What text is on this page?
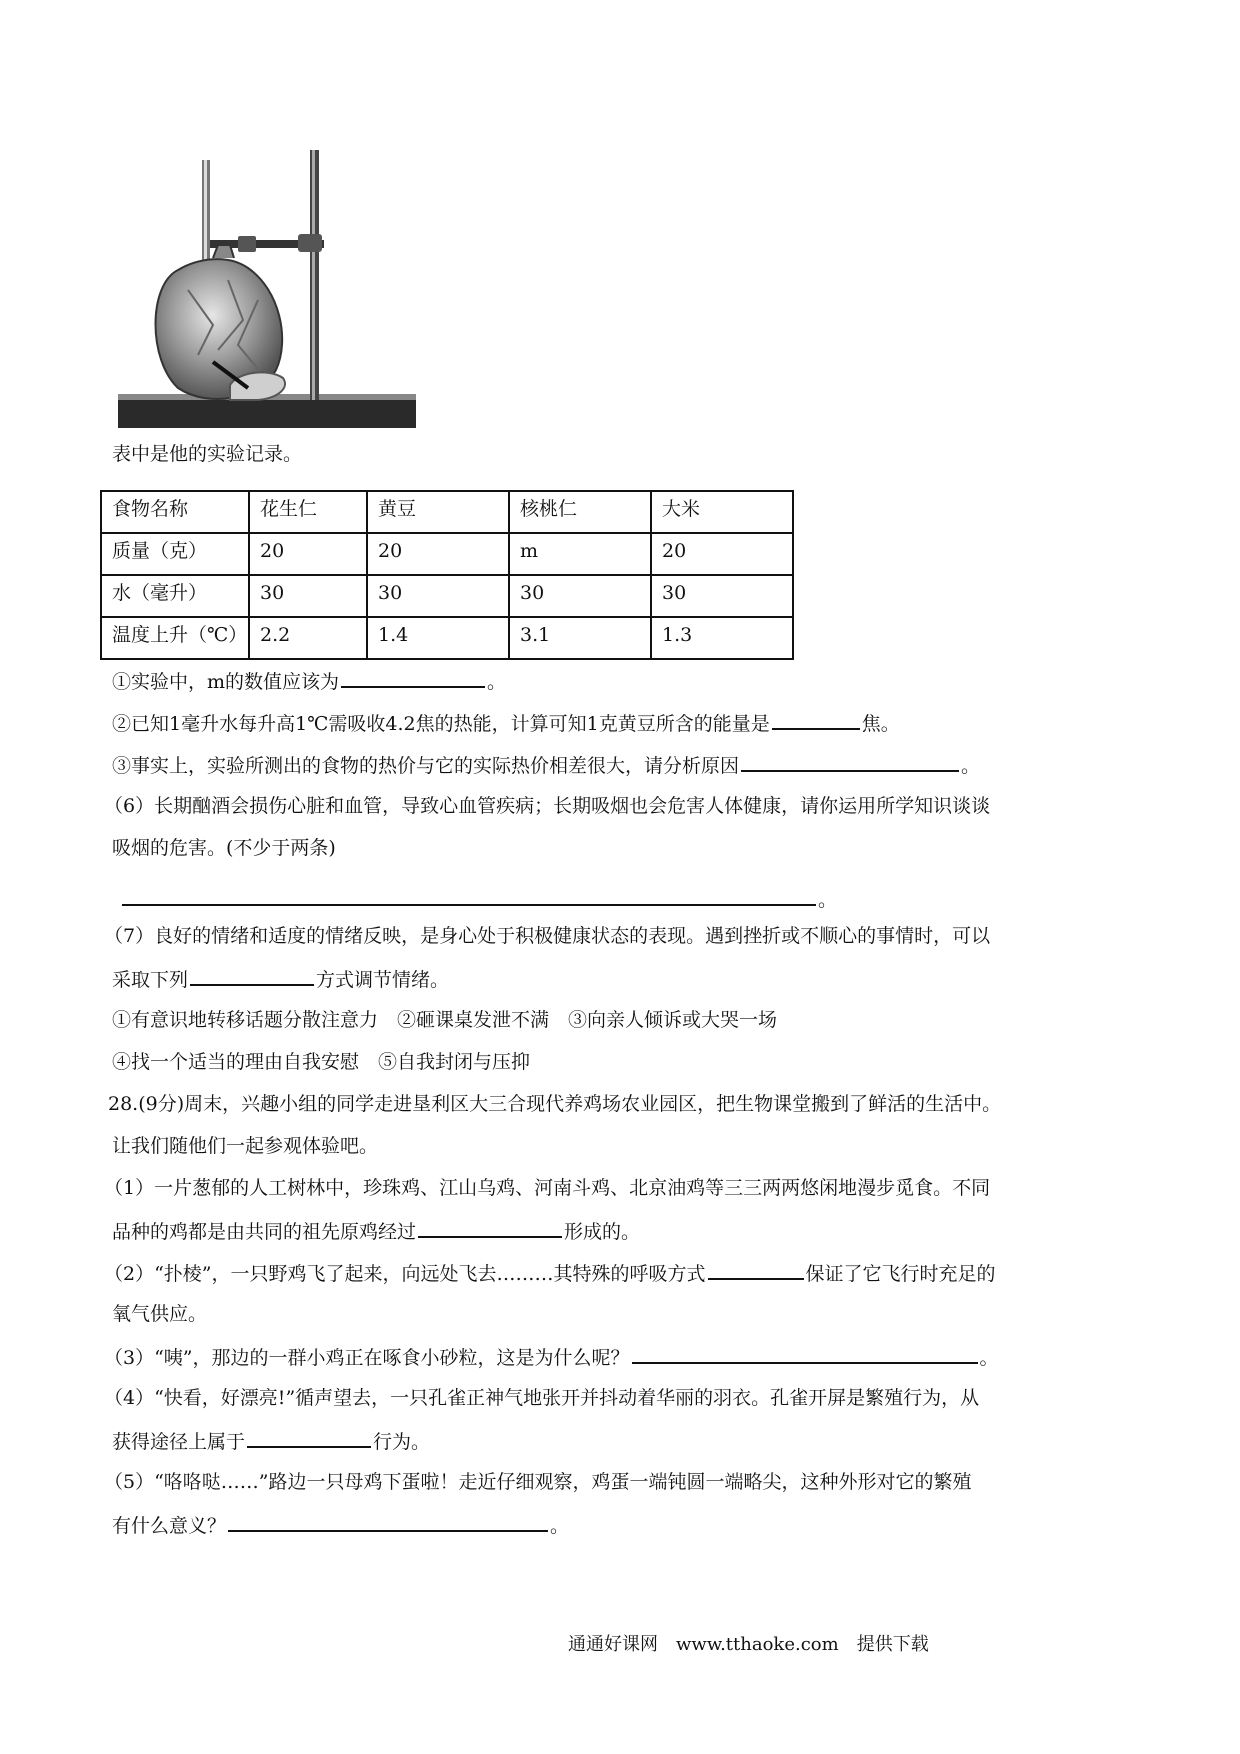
表中是他的实验记录。
食物名称	花生仁	黄豆	核桃仁	大米
质量（克）	20	20	m	20
水（毫升）	30	30	30	30
温度上升（℃）	2.2	1.4	3.1	1.3
①实验中，m的数值应该为	。
②已知1毫升水每升高1℃需吸收4.2焦的热能，计算可知1克黄豆所含的能量是	焦。
③事实上，实验所测出的食物的热价与它的实际热价相差很大，请分析原因	。
（6）长期酗酒会损伤心脏和血管，导致心血管疾病；长期吸烟也会危害人体健康，请你运用所学知识谈谈
吸烟的危害。(不少于两条)
。
（7）良好的情绪和适度的情绪反映，是身心处于积极健康状态的表现。遇到挫折或不顺心的事情时，可以
采取下列	方式调节情绪。
①有意识地转移话题分散注意力　②砸课桌发泄不满　③向亲人倾诉或大哭一场
④找一个适当的理由自我安慰　⑤自我封闭与压抑
28.(9分)周末，兴趣小组的同学走进垦利区大三合现代养鸡场农业园区，把生物课堂搬到了鲜活的生活中。
让我们随他们一起参观体验吧。
（1）一片葱郁的人工树林中，珍珠鸡、江山乌鸡、河南斗鸡、北京油鸡等三三两两悠闲地漫步觅食。不同
品种的鸡都是由共同的祖先原鸡经过	形成的。
（2）“扑棱”，一只野鸡飞了起来，向远处飞去………其特殊的呼吸方式	保证了它飞行时充足的
氧气供应。
（3）“咦”，那边的一群小鸡正在啄食小砂粒，这是为什么呢？	。
（4）“快看，好漂亮!”循声望去，一只孔雀正神气地张开并抖动着华丽的羽衣。孔雀开屏是繁殖行为，从
获得途径上属于	行为。
（5）“咯咯哒……”路边一只母鸡下蛋啦！走近仔细观察，鸡蛋一端钝圆一端略尖，这种外形对它的繁殖
有什么意义？	。
通通好课网　www.tthaoke.com　提供下载
